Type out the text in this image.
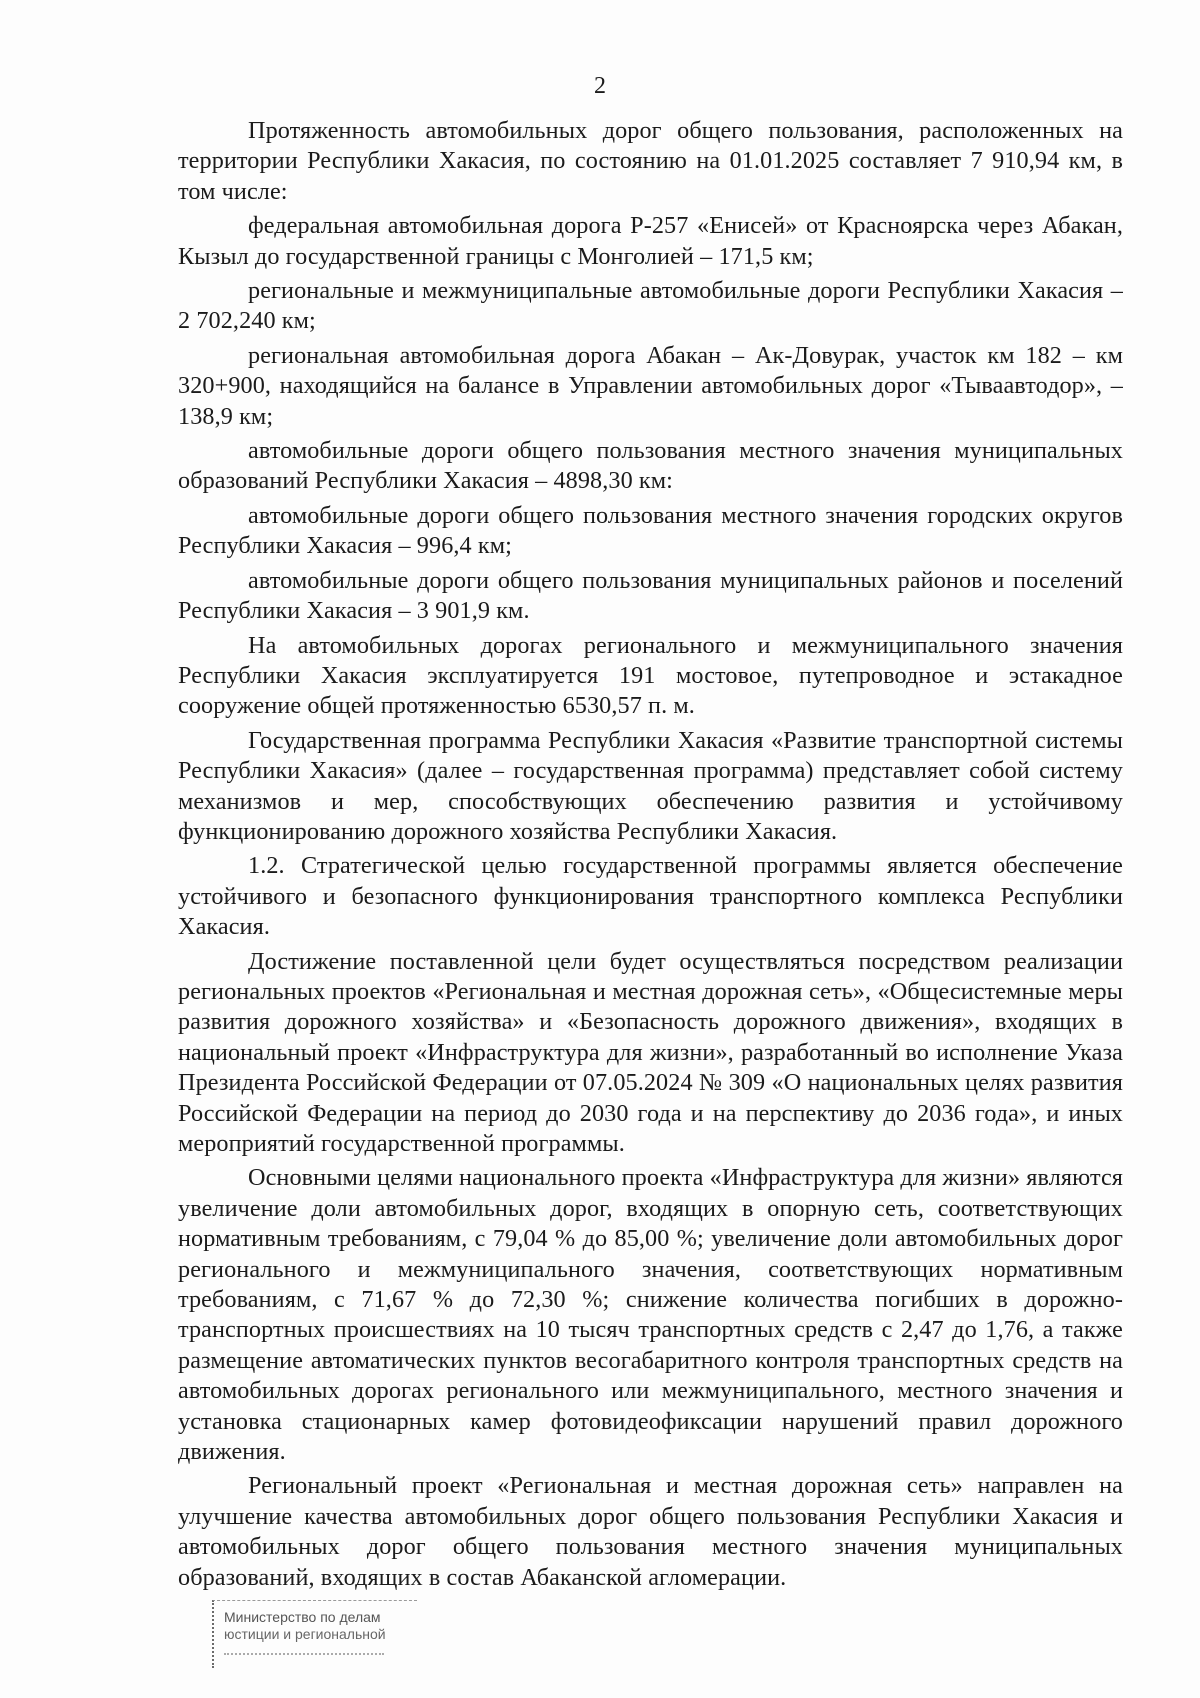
2

Протяженность автомобильных дорог общего пользования, расположенных на территории Республики Хакасия, по состоянию на 01.01.2025 составляет 7 910,94 км, в том числе:

федеральная автомобильная дорога Р-257 «Енисей» от Красноярска через Абакан, Кызыл до государственной границы с Монголией – 171,5 км;

региональные и межмуниципальные автомобильные дороги Республики Хакасия – 2 702,240 км;

региональная автомобильная дорога Абакан – Ак-Довурак, участок км 182 – км 320+900, находящийся на балансе в Управлении автомобильных дорог «Тываавтодор», – 138,9 км;

автомобильные дороги общего пользования местного значения муниципальных образований Республики Хакасия – 4898,30 км:

автомобильные дороги общего пользования местного значения городских округов Республики Хакасия – 996,4 км;

автомобильные дороги общего пользования муниципальных районов и поселений Республики Хакасия – 3 901,9 км.

На автомобильных дорогах регионального и межмуниципального значения Республики Хакасия эксплуатируется 191 мостовое, путепроводное и эстакадное сооружение общей протяженностью 6530,57 п. м.

Государственная программа Республики Хакасия «Развитие транспортной системы Республики Хакасия» (далее – государственная программа) представляет собой систему механизмов и мер, способствующих обеспечению развития и устойчивому функционированию дорожного хозяйства Республики Хакасия.

1.2. Стратегической целью государственной программы является обеспечение устойчивого и безопасного функционирования транспортного комплекса Республики Хакасия.

Достижение поставленной цели будет осуществляться посредством реализации региональных проектов «Региональная и местная дорожная сеть», «Общесистемные меры развития дорожного хозяйства» и «Безопасность дорожного движения», входящих в национальный проект «Инфраструктура для жизни», разработанный во исполнение Указа Президента Российской Федерации от 07.05.2024 № 309 «О национальных целях развития Российской Федерации на период до 2030 года и на перспективу до 2036 года», и иных мероприятий государственной программы.

Основными целями национального проекта «Инфраструктура для жизни» являются увеличение доли автомобильных дорог, входящих в опорную сеть, соответствующих нормативным требованиям, с 79,04 % до 85,00 %; увеличение доли автомобильных дорог регионального и межмуниципального значения, соответствующих нормативным требованиям, с 71,67 % до 72,30 %; снижение количества погибших в дорожно-транспортных происшествиях на 10 тысяч транспортных средств с 2,47 до 1,76, а также размещение автоматических пунктов весогабаритного контроля транспортных средств на автомобильных дорогах регионального или межмуниципального, местного значения и установка стационарных камер фотовидеофиксации нарушений правил дорожного движения.

Региональный проект «Региональная и местная дорожная сеть» направлен на улучшение качества автомобильных дорог общего пользования Республики Хакасия и автомобильных дорог общего пользования местного значения муниципальных образований, входящих в состав Абаканской агломерации.

Министерство по делам
юстиции и региональной
